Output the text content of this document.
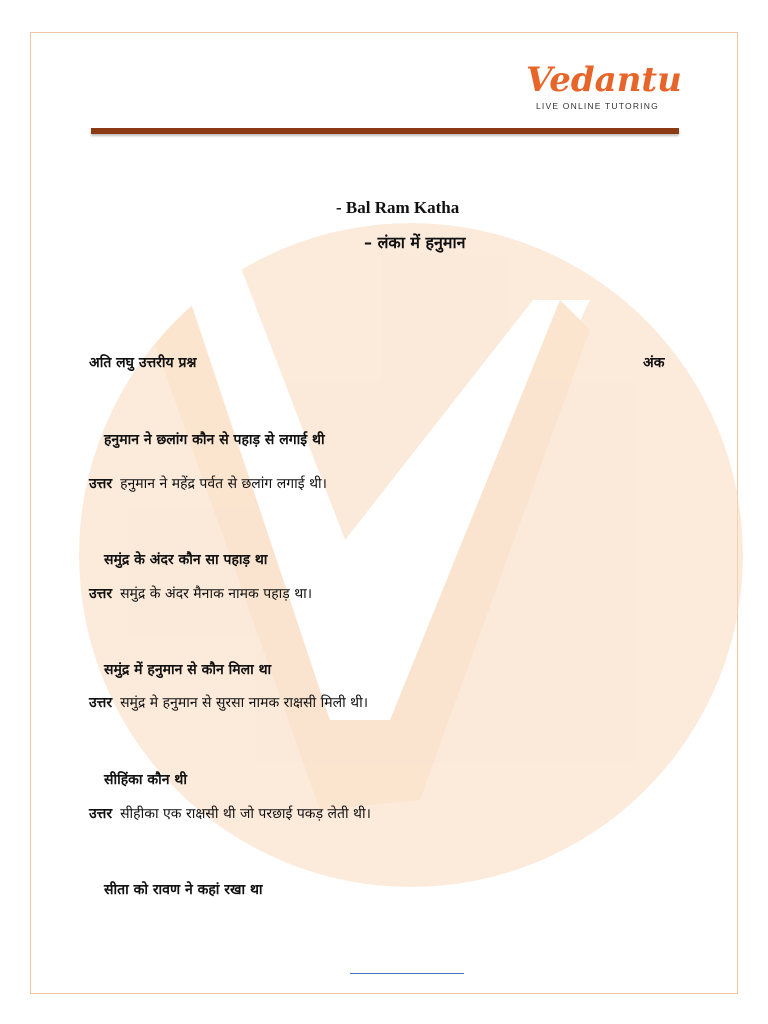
Vedantu
LIVE ONLINE TUTORING
- Bal Ram Katha
– लंका में हनुमान
अति लघु उत्तरीय प्रश्न	अंक
हनुमान ने छलांग कौन से पहाड़ से लगाई थी
उत्तर हनुमान ने महेंद्र पर्वत से छलांग लगाई थी।
समुंद्र के अंदर कौन सा पहाड़ था
उत्तर समुंद्र के अंदर मैनाक नामक पहाड़ था।
समुंद्र में हनुमान से कौन मिला था
उत्तर समुंद्र मे हनुमान से सुरसा नामक राक्षसी मिली थी।
सीहिंका कौन थी
उत्तर सीहीका एक राक्षसी थी जो परछाई पकड़ लेती थी।
सीता को रावण ने कहां रखा था
